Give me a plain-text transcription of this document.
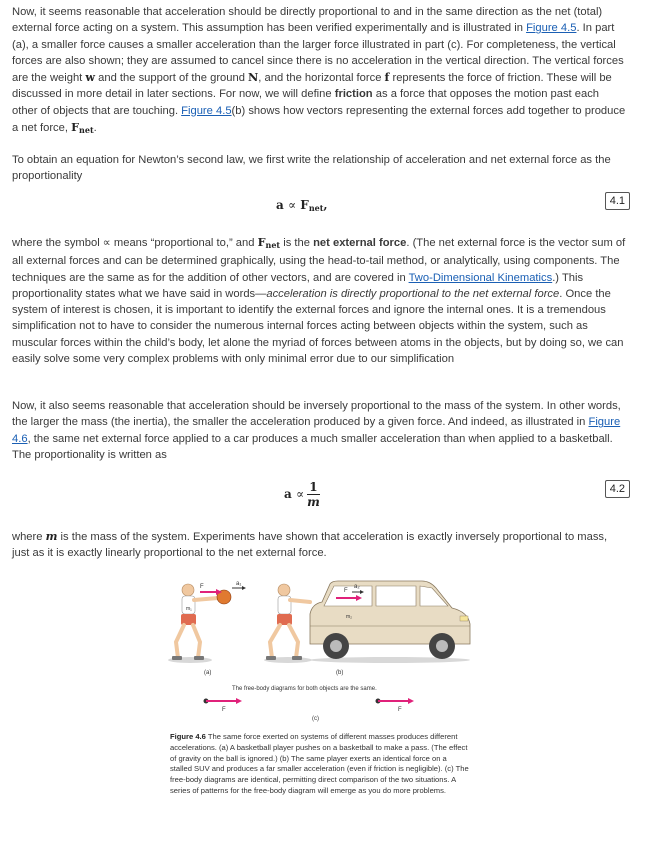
Now, it seems reasonable that acceleration should be directly proportional to and in the same direction as the net (total) external force acting on a system. This assumption has been verified experimentally and is illustrated in Figure 4.5. In part (a), a smaller force causes a smaller acceleration than the larger force illustrated in part (c). For completeness, the vertical forces are also shown; they are assumed to cancel since there is no acceleration in the vertical direction. The vertical forces are the weight w and the support of the ground N, and the horizontal force f represents the force of friction. These will be discussed in more detail in later sections. For now, we will define friction as a force that opposes the motion past each other of objects that are touching. Figure 4.5(b) shows how vectors representing the external forces add together to produce a net force, $F_{net}$.

To obtain an equation for Newton’s second law, we first write the relationship of acceleration and net external force as the proportionality

$a \propto F_{net}$,	4.1

where the symbol ∝ means “proportional to,” and $F_{net}$ is the net external force. (The net external force is the vector sum of all external forces and can be determined graphically, using the head-to-tail method, or analytically, using components. The techniques are the same as for the addition of other vectors, and are covered in Two-Dimensional Kinematics.) This proportionality states what we have said in words—acceleration is directly proportional to the net external force. Once the system of interest is chosen, it is important to identify the external forces and ignore the internal ones. It is a tremendous simplification not to have to consider the numerous internal forces acting between objects within the system, such as muscular forces within the child’s body, let alone the myriad of forces between atoms in the objects, but by doing so, we can easily solve some very complex problems with only minimal error due to our simplification

Now, it also seems reasonable that acceleration should be inversely proportional to the mass of the system. In other words, the larger the mass (the inertia), the smaller the acceleration produced by a given force. And indeed, as illustrated in Figure 4.6, the same net external force applied to a car produces a much smaller acceleration than when applied to a basketball. The proportionality is written as

$a \propto \frac{1}{m}$	4.2

where m is the mass of the system. Experiments have shown that acceleration is exactly inversely proportional to mass, just as it is exactly linearly proportional to the net external force.

F	a₁
m₁
F
a₂
m₂
(a)	(b)
The free-body diagrams for both objects are the same.
F	F
(c)
Figure 4.6 The same force exerted on systems of different masses produces different accelerations. (a) A basketball player pushes on a basketball to make a pass. (The effect of gravity on the ball is ignored.) (b) The same player exerts an identical force on a stalled SUV and produces a far smaller acceleration (even if friction is negligible). (c) The free-body diagrams are identical, permitting direct comparison of the two situations. A series of patterns for the free-body diagram will emerge as you do more problems.
